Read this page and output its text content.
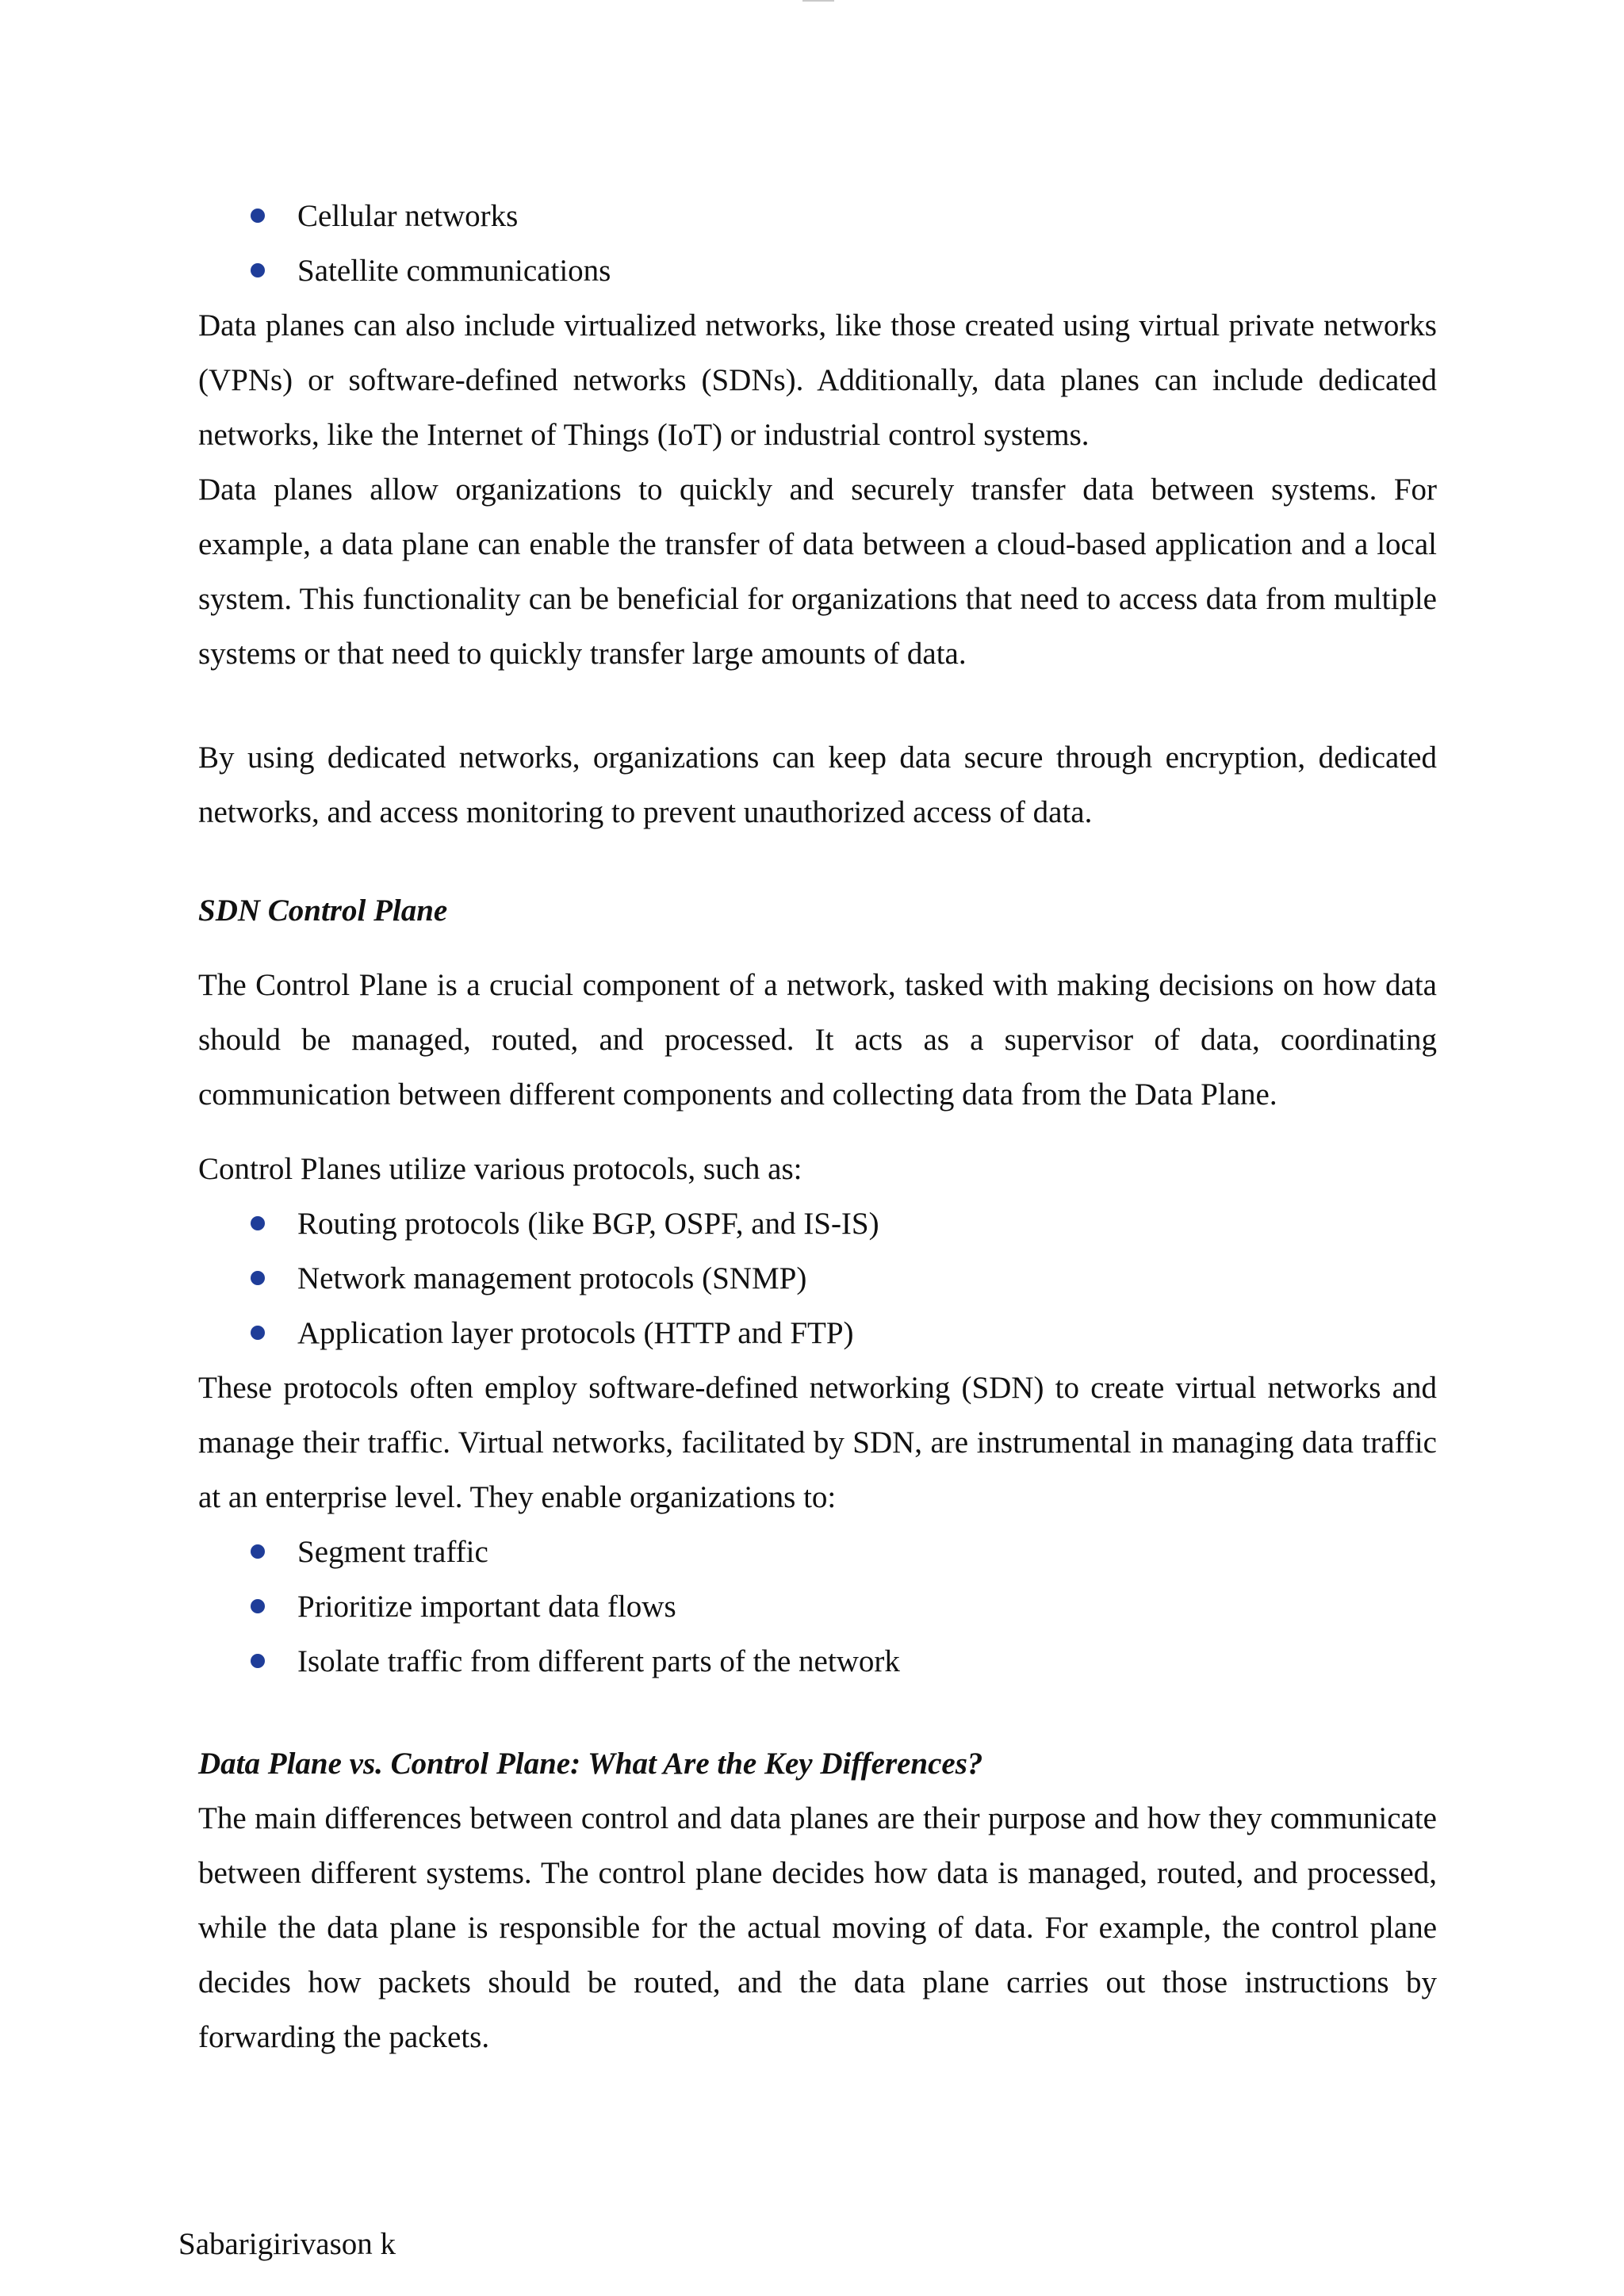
Cellular networks
Satellite communications

Data planes can also include virtualized networks, like those created using virtual private networks (VPNs) or software-defined networks (SDNs). Additionally, data planes can include dedicated networks, like the Internet of Things (IoT) or industrial control systems.

Data planes allow organizations to quickly and securely transfer data between systems. For example, a data plane can enable the transfer of data between a cloud-based application and a local system. This functionality can be beneficial for organizations that need to access data from multiple systems or that need to quickly transfer large amounts of data.

By using dedicated networks, organizations can keep data secure through encryption, dedicated networks, and access monitoring to prevent unauthorized access of data.

SDN Control Plane

The Control Plane is a crucial component of a network, tasked with making decisions on how data should be managed, routed, and processed. It acts as a supervisor of data, coordinating communication between different components and collecting data from the Data Plane.

Control Planes utilize various protocols, such as:

Routing protocols (like BGP, OSPF, and IS-IS)
Network management protocols (SNMP)
Application layer protocols (HTTP and FTP)

These protocols often employ software-defined networking (SDN) to create virtual networks and manage their traffic. Virtual networks, facilitated by SDN, are instrumental in managing data traffic at an enterprise level. They enable organizations to:

Segment traffic
Prioritize important data flows
Isolate traffic from different parts of the network

Data Plane vs. Control Plane: What Are the Key Differences?

The main differences between control and data planes are their purpose and how they communicate between different systems. The control plane decides how data is managed, routed, and processed, while the data plane is responsible for the actual moving of data. For example, the control plane decides how packets should be routed, and the data plane carries out those instructions by forwarding the packets.

Sabarigirivason k
